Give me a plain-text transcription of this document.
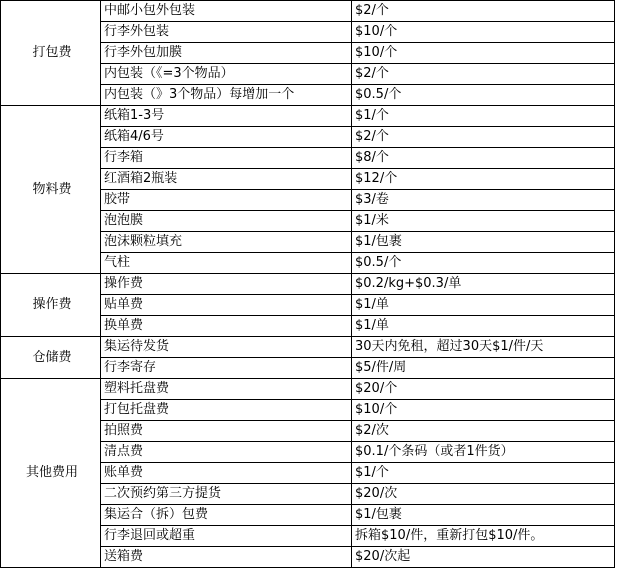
打包费	中邮小包外包装	$2/个
	行李外包装	$10/个
	行李外包加膜	$10/个
	内包装（《=3个物品）	$2/个
	内包装（》3个物品）每增加一个	$0.5/个
物料费	纸箱1-3号	$1/个
	纸箱4/6号	$2/个
	行李箱	$8/个
	红酒箱2瓶装	$12/个
	胶带	$3/卷
	泡泡膜	$1/米
	泡沫颗粒填充	$1/包裹
	气柱	$0.5/个
操作费	操作费	$0.2/kg+$0.3/单
	贴单费	$1/单
	换单费	$1/单
仓储费	集运待发货	30天内免租，超过30天$1/件/天
	行李寄存	$5/件/周
其他费用	塑料托盘费	$20/个
	打包托盘费	$10/个
	拍照费	$2/次
	清点费	$0.1/个条码（或者1件货）
	账单费	$1/个
	二次预约第三方提货	$20/次
	集运合（拆）包费	$1/包裹
	行李退回或超重	拆箱$10/件，重新打包$10/件。
	送箱费	$20/次起
